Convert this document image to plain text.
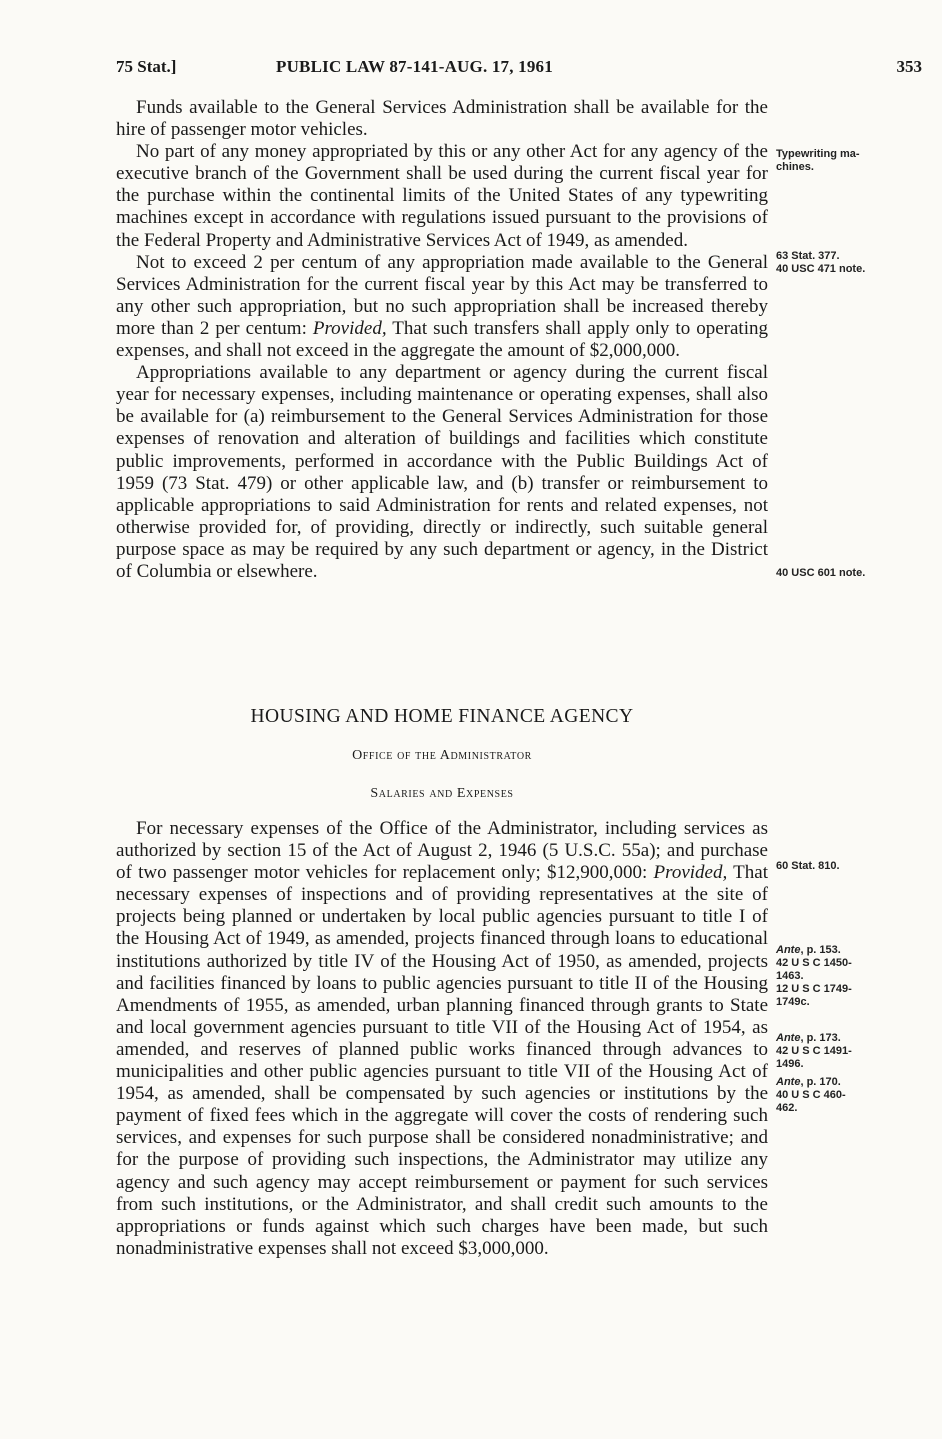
75 Stat.]	PUBLIC LAW 87-141-AUG. 17, 1961	353

Funds available to the General Services Administration shall be available for the hire of passenger motor vehicles.

No part of any money appropriated by this or any other Act for any agency of the executive branch of the Government shall be used during the current fiscal year for the purchase within the continental limits of the United States of any typewriting machines except in accordance with regulations issued pursuant to the provisions of the Federal Property and Administrative Services Act of 1949, as amended.

Not to exceed 2 per centum of any appropriation made available to the General Services Administration for the current fiscal year by this Act may be transferred to any other such appropriation, but no such appropriation shall be increased thereby more than 2 per centum: Provided, That such transfers shall apply only to operating expenses, and shall not exceed in the aggregate the amount of $2,000,000.

Appropriations available to any department or agency during the current fiscal year for necessary expenses, including maintenance or operating expenses, shall also be available for (a) reimbursement to the General Services Administration for those expenses of renovation and alteration of buildings and facilities which constitute public improvements, performed in accordance with the Public Buildings Act of 1959 (73 Stat. 479) or other applicable law, and (b) transfer or reimbursement to applicable appropriations to said Administration for rents and related expenses, not otherwise provided for, of providing, directly or indirectly, such suitable general purpose space as may be required by any such department or agency, in the District of Columbia or elsewhere.

HOUSING AND HOME FINANCE AGENCY
Office of the Administrator
Salaries and Expenses

For necessary expenses of the Office of the Administrator, including services as authorized by section 15 of the Act of August 2, 1946 (5 U.S.C. 55a); and purchase of two passenger motor vehicles for replacement only; $12,900,000: Provided, That necessary expenses of inspections and of providing representatives at the site of projects being planned or undertaken by local public agencies pursuant to title I of the Housing Act of 1949, as amended, projects financed through loans to educational institutions authorized by title IV of the Housing Act of 1950, as amended, projects and facilities financed by loans to public agencies pursuant to title II of the Housing Amendments of 1955, as amended, urban planning financed through grants to State and local government agencies pursuant to title VII of the Housing Act of 1954, as amended, and reserves of planned public works financed through advances to municipalities and other public agencies pursuant to title VII of the Housing Act of 1954, as amended, shall be compensated by such agencies or institutions by the payment of fixed fees which in the aggregate will cover the costs of rendering such services, and expenses for such purpose shall be considered nonadministrative; and for the purpose of providing such inspections, the Administrator may utilize any agency and such agency may accept reimbursement or payment for such services from such institutions, or the Administrator, and shall credit such amounts to the appropriations or funds against which such charges have been made, but such nonadministrative expenses shall not exceed $3,000,000.

Typewriting ma-
chines.
63 Stat. 377.
40 USC 471 note.
40 USC 601 note.
60 Stat. 810.
Ante, p. 153.
42 U S C 1450-
1463.
12 U S C 1749-
1749c.
Ante, p. 173.
42 U S C 1491-
1496.
Ante, p. 170.
40 U S C 460-
462.
